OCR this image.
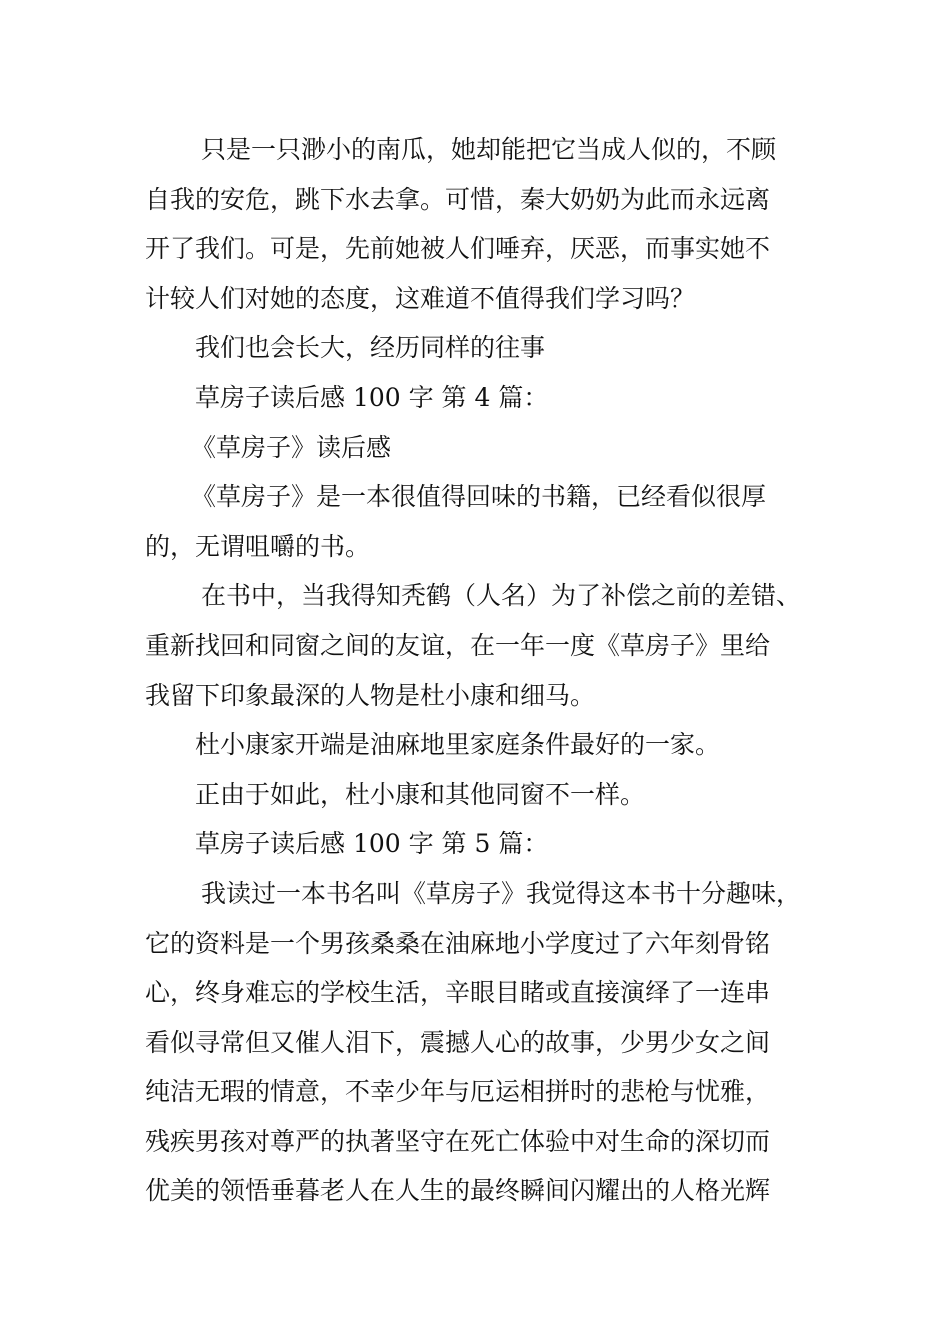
只是一只渺小的南瓜，她却能把它当成人似的，不顾
自我的安危，跳下水去拿。可惜，秦大奶奶为此而永远离
开了我们。可是，先前她被人们唾弃，厌恶，而事实她不
计较人们对她的态度，这难道不值得我们学习吗？

我们也会长大，经历同样的往事

草房子读后感 100 字 第 4 篇：

《草房子》读后感

《草房子》是一本很值得回味的书籍，已经看似很厚
的，无谓咀嚼的书。

在书中，当我得知秃鹤（人名）为了补偿之前的差错、
重新找回和同窗之间的友谊，在一年一度《草房子》里给
我留下印象最深的人物是杜小康和细马。

杜小康家开端是油麻地里家庭条件最好的一家。

正由于如此，杜小康和其他同窗不一样。

草房子读后感 100 字 第 5 篇：

我读过一本书名叫《草房子》我觉得这本书十分趣味，
它的资料是一个男孩桑桑在油麻地小学度过了六年刻骨铭
心，终身难忘的学校生活，辛眼目睹或直接演绎了一连串
看似寻常但又催人泪下，震撼人心的故事，少男少女之间
纯洁无瑕的情意，不幸少年与厄运相拼时的悲枪与忧雅，
残疾男孩对尊严的执著坚守在死亡体验中对生命的深切而
优美的领悟垂暮老人在人生的最终瞬间闪耀出的人格光辉
